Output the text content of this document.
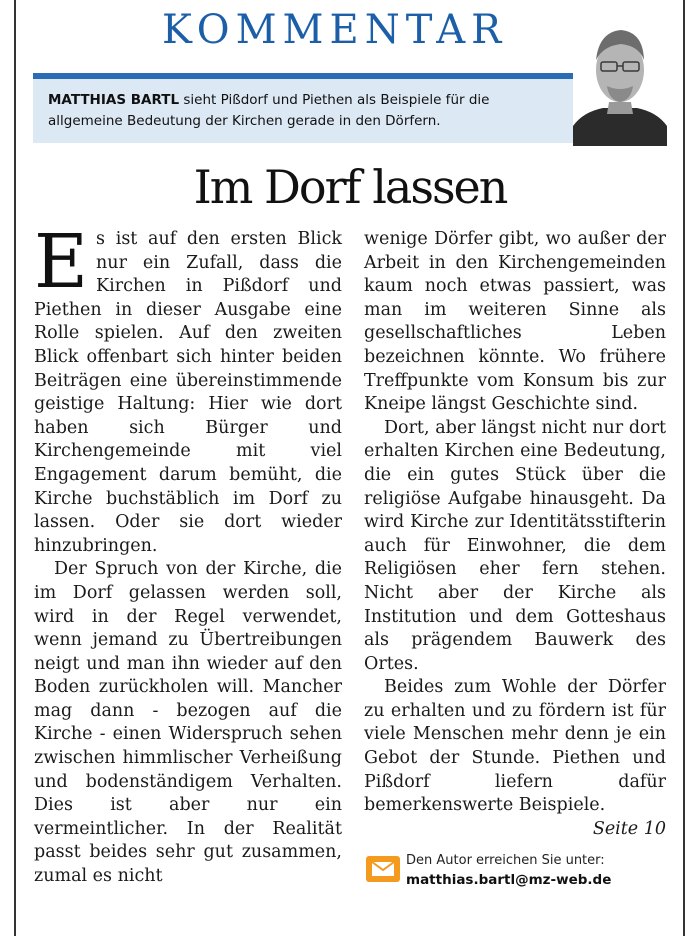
KOMMENTAR
MATTHIAS BARTL sieht Pißdorf und Piethen als Beispiele für die allgemeine Bedeutung der Kirchen gerade in den Dörfern.
Im Dorf lassen

Es ist auf den ersten Blick nur ein Zufall, dass die Kirchen in Pißdorf und Piethen in dieser Ausgabe eine Rolle spielen. Auf den zweiten Blick offenbart sich hinter beiden Beiträgen eine übereinstimmende geistige Haltung: Hier wie dort haben sich Bürger und Kirchengemeinde mit viel Engagement darum bemüht, die Kirche buchstäblich im Dorf zu lassen. Oder sie dort wieder hinzubringen.

Der Spruch von der Kirche, die im Dorf gelassen werden soll, wird in der Regel verwendet, wenn jemand zu Übertreibungen neigt und man ihn wieder auf den Boden zurückholen will. Mancher mag dann - bezogen auf die Kirche - einen Widerspruch sehen zwischen himmlischer Verheißung und bodenständigem Verhalten. Dies ist aber nur ein vermeintlicher. In der Realität passt beides sehr gut zusammen, zumal es nicht

wenige Dörfer gibt, wo außer der Arbeit in den Kirchengemeinden kaum noch etwas passiert, was man im weiteren Sinne als gesellschaftliches Leben bezeichnen könnte. Wo frühere Treffpunkte vom Konsum bis zur Kneipe längst Geschichte sind.

Dort, aber längst nicht nur dort erhalten Kirchen eine Bedeutung, die ein gutes Stück über die religiöse Aufgabe hinausgeht. Da wird Kirche zur Identitätsstifterin auch für Einwohner, die dem Religiösen eher fern stehen. Nicht aber der Kirche als Institution und dem Gotteshaus als prägendem Bauwerk des Ortes.

Beides zum Wohle der Dörfer zu erhalten und zu fördern ist für viele Menschen mehr denn je ein Gebot der Stunde. Piethen und Pißdorf liefern dafür bemerkenswerte Beispiele.
Seite 10

Den Autor erreichen Sie unter:
matthias.bartl@mz-web.de
